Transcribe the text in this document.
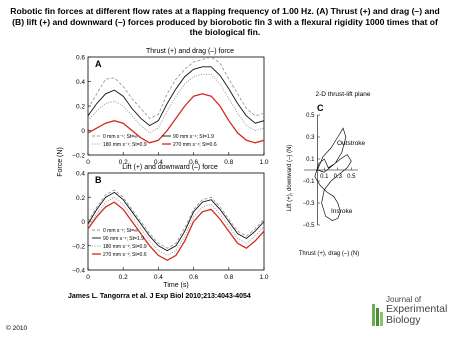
Robotic fin forces at different flow rates at a flapping frequency of 1.00 Hz. (A) Thrust (+) and drag (–) and (B) lift (+) and downward (–) forces produced by biorobotic fin 3 with a flexural rigidity 1000 times that of the biological fin.
Thrust (+) and drag (–) force
A
−0.2
0
0.2
0.4
0.6
0	0.2	0.4	0.6	0.8	1.0
0 mm s⁻¹; St=∞	90 mm s⁻¹; St=1.9
180 mm s⁻¹; St=0.9	270 mm s⁻¹; St=0.6
Lift (+) and downward (–) force
B
−0.4
−0.2
0
0.2
0.4
0	0.2	0.4	0.6	0.8	1.0
0 mm s⁻¹; St=∞
90 mm s⁻¹; St=1.9
180 mm s⁻¹; St=0.9
270 mm s⁻¹; St=0.6
Force (N)
Time (s)
2-D thrust-lift plane
C
0.5
0.3
0.1
−0.1
−0.3
−0.5
0.1 0.3 0.5
Outstroke
Insroke
Lift (+), downward (–) (N)
Thrust (+), drag (–) (N)
James L. Tangorra et al. J Exp Biol 2010;213:4043-4054
© 2010
Journal of
Experimental
Biology
